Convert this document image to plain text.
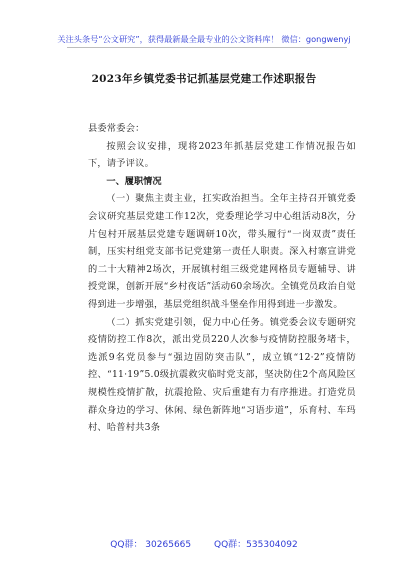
关注头条号“公文研究”，获得最新最全最专业的公文资料库！ 微信：gongwenyj
2023年乡镇党委书记抓基层党建工作述职报告

县委常委会：

按照会议安排，现将2023年抓基层党建工作情况报告如下，请予评议。

一、履职情况

（一）聚焦主责主业，扛实政治担当。全年主持召开镇党委会议研究基层党建工作12次，党委理论学习中心组活动8次，分片包村开展基层党建专题调研10次，带头履行“一岗双责”责任制，压实村组党支部书记党建第一责任人职责。深入村寨宣讲党的二十大精神2场次，开展镇村组三级党建网格员专题辅导、讲授党课，创新开展“乡村夜话”活动60余场次。全镇党员政治自觉得到进一步增强，基层党组织战斗堡垒作用得到进一步激发。

（二）抓实党建引领，促力中心任务。镇党委会议专题研究疫情防控工作8次，派出党员220人次参与疫情防控服务堵卡，选派9名党员参与“强边固防突击队”，成立镇“12·2”疫情防控、“11·19”5.0级抗震救灾临时党支部，坚决防住2个高风险区规模性疫情扩散，抗震抢险、灾后重建有力有序推进。打造党员群众身边的学习、休闲、绿色新阵地“习语步道”，乐育村、车玛村、哈普村共3条

QQ群： 30265665	QQ群：535304092
